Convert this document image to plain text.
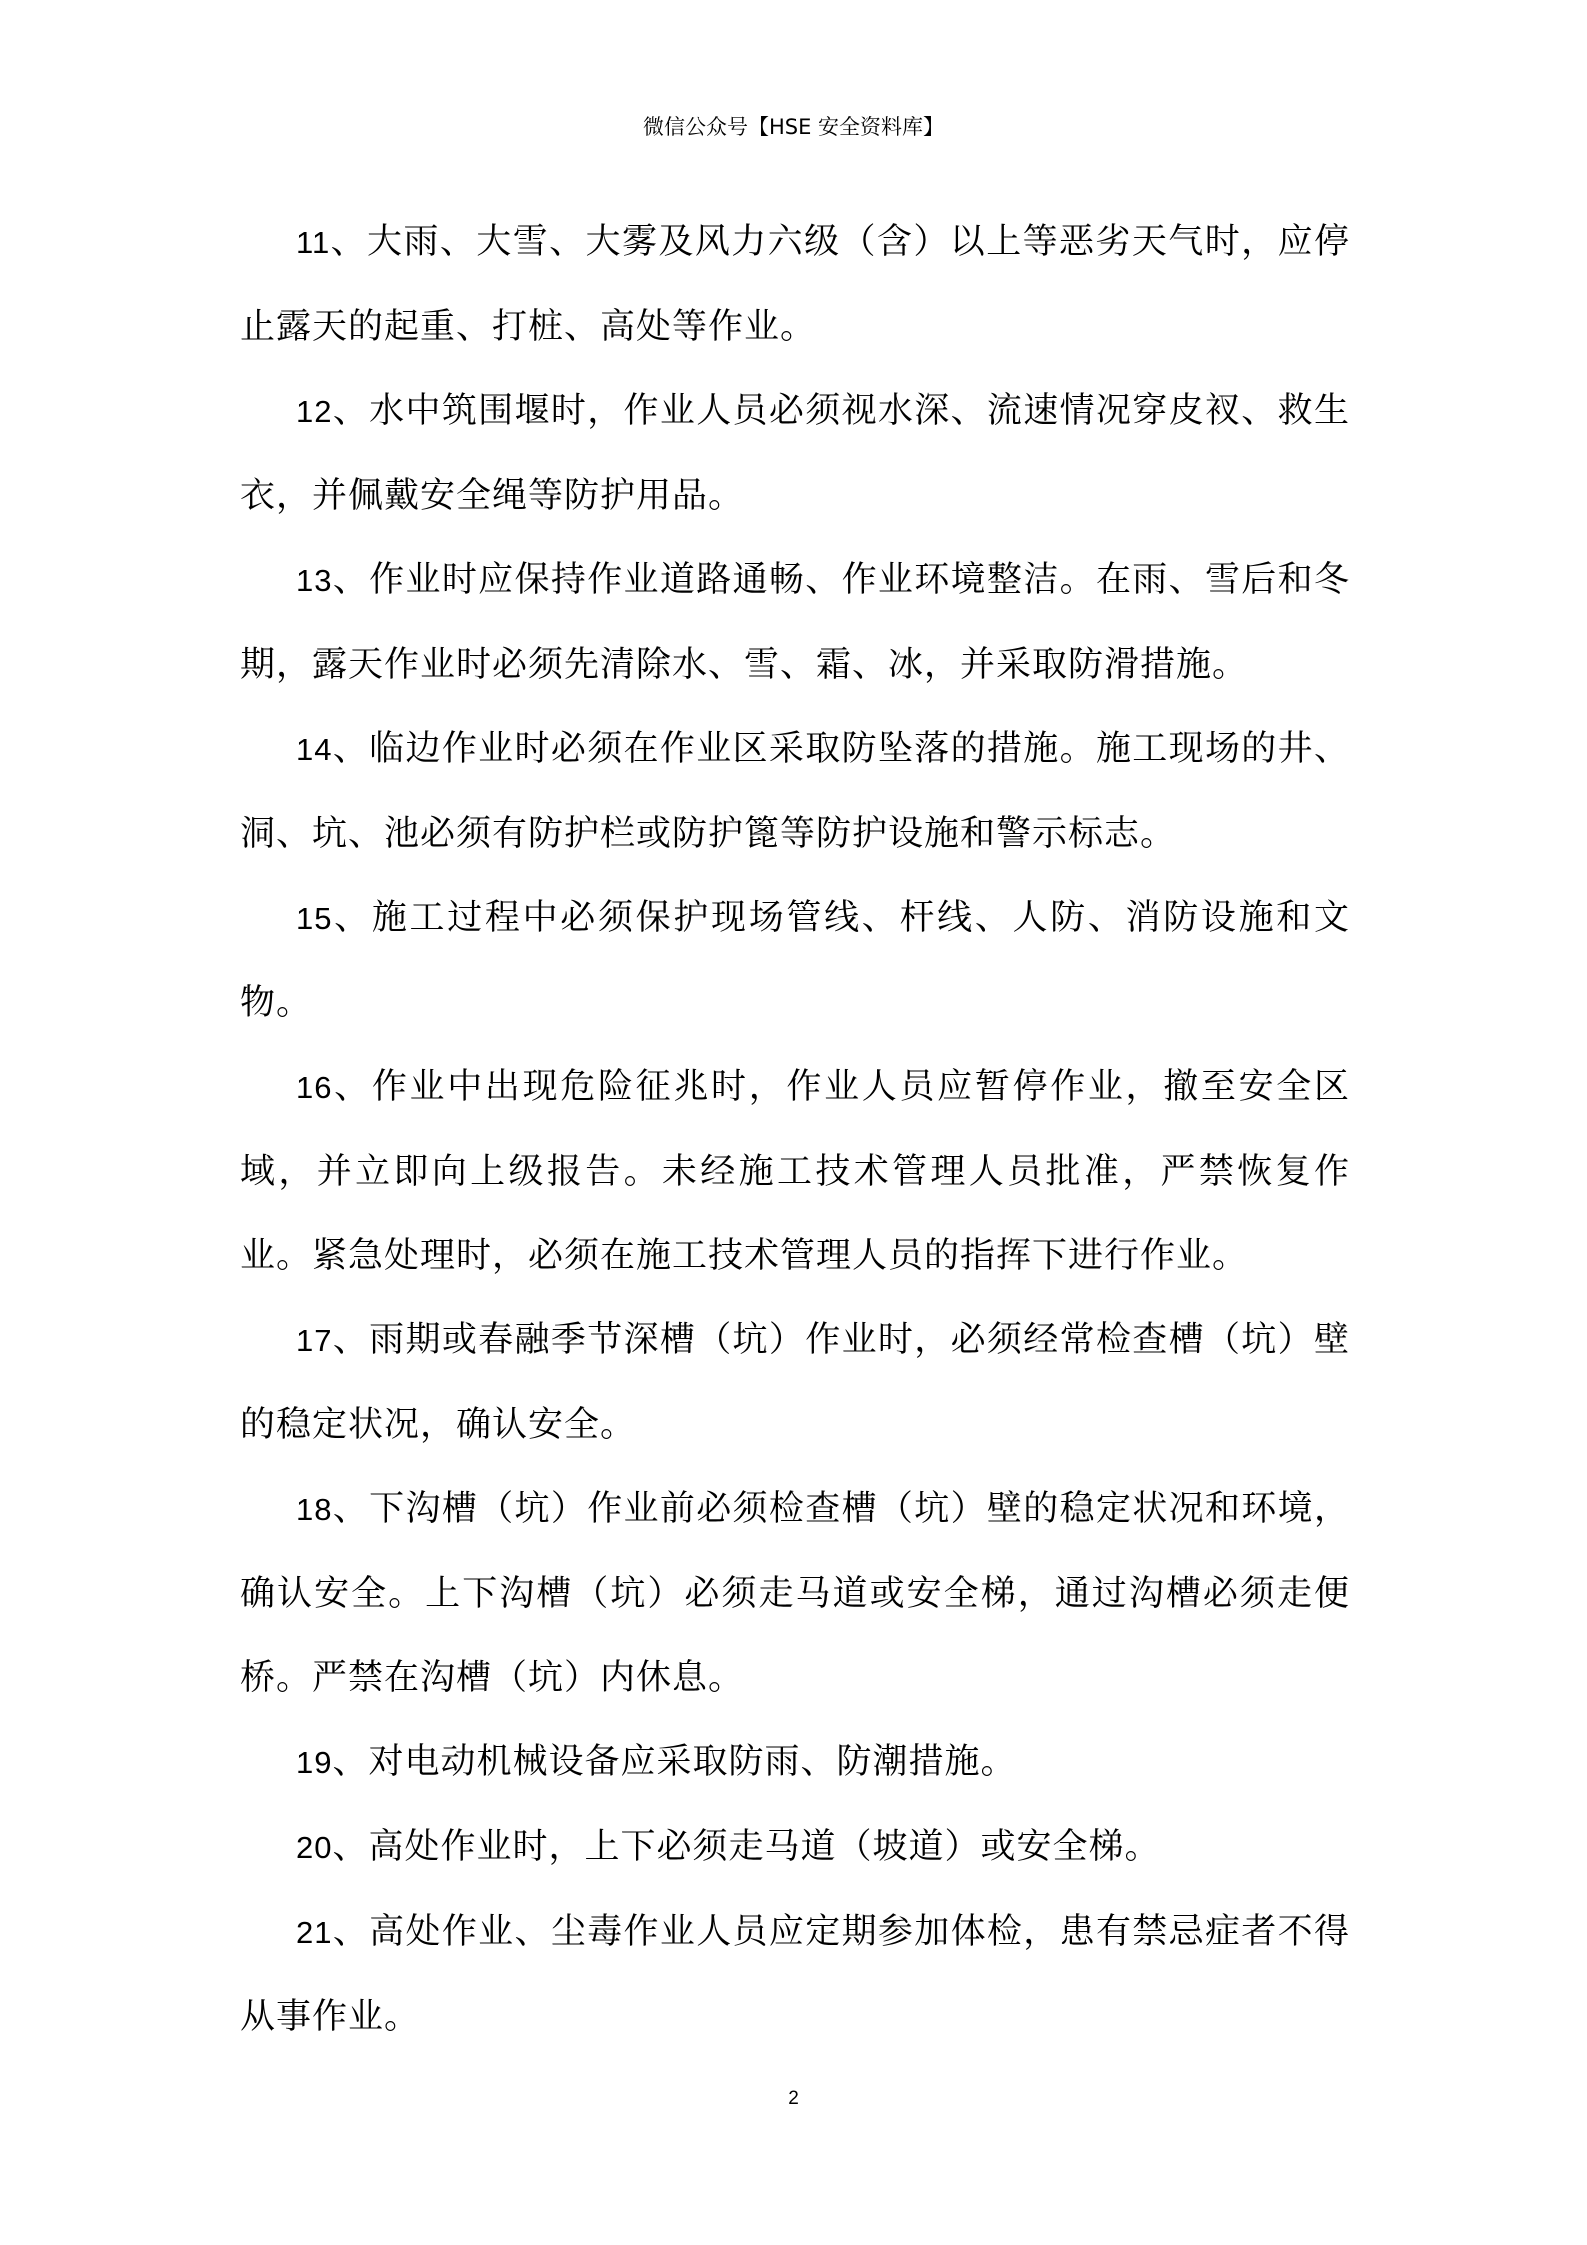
微信公众号【HSE 安全资料库】

11、大雨、大雪、大雾及风力六级（含）以上等恶劣天气时，应停止露天的起重、打桩、高处等作业。

12、水中筑围堰时，作业人员必须视水深、流速情况穿皮衩、救生衣，并佩戴安全绳等防护用品。

13、作业时应保持作业道路通畅、作业环境整洁。在雨、雪后和冬期，露天作业时必须先清除水、雪、霜、冰，并采取防滑措施。

14、临边作业时必须在作业区采取防坠落的措施。施工现场的井、洞、坑、池必须有防护栏或防护篦等防护设施和警示标志。

15、施工过程中必须保护现场管线、杆线、人防、消防设施和文物。

16、作业中出现危险征兆时，作业人员应暂停作业，撤至安全区域，并立即向上级报告。未经施工技术管理人员批准，严禁恢复作业。紧急处理时，必须在施工技术管理人员的指挥下进行作业。

17、雨期或春融季节深槽（坑）作业时，必须经常检查槽（坑）壁的稳定状况，确认安全。

18、下沟槽（坑）作业前必须检查槽（坑）壁的稳定状况和环境，确认安全。上下沟槽（坑）必须走马道或安全梯，通过沟槽必须走便桥。严禁在沟槽（坑）内休息。

19、对电动机械设备应采取防雨、防潮措施。

20、高处作业时，上下必须走马道（坡道）或安全梯。

21、高处作业、尘毒作业人员应定期参加体检，患有禁忌症者不得从事作业。

2
